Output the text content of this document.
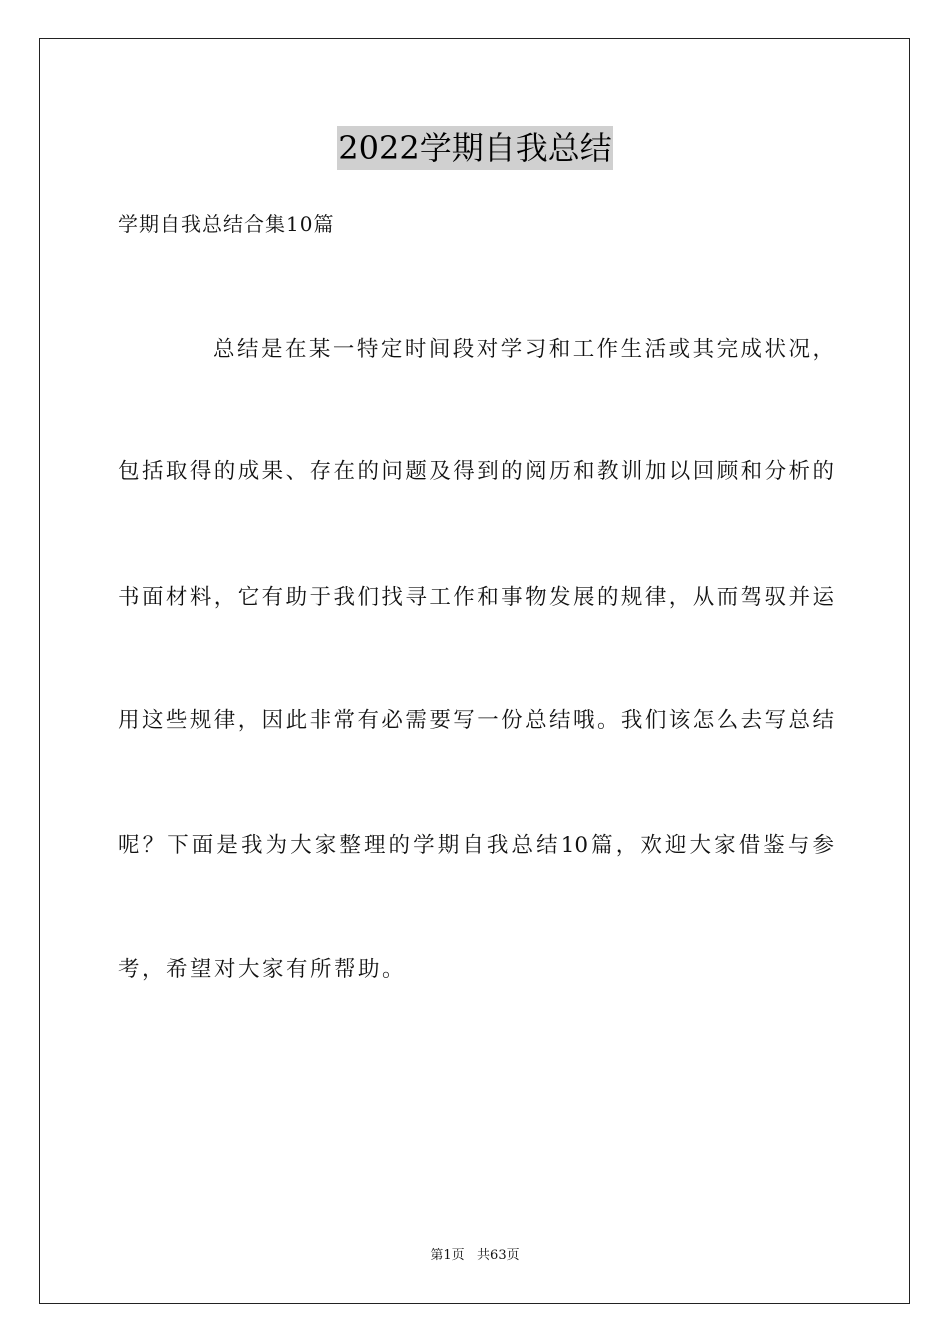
2022学期自我总结
学期自我总结合集10篇
总结是在某一特定时间段对学习和工作生活或其完成状况，
包括取得的成果、存在的问题及得到的阅历和教训加以回顾和分析的
书面材料，它有助于我们找寻工作和事物发展的规律，从而驾驭并运
用这些规律，因此非常有必需要写一份总结哦。我们该怎么去写总结
呢？下面是我为大家整理的学期自我总结10篇，欢迎大家借鉴与参
考，希望对大家有所帮助。
第1页   共63页
